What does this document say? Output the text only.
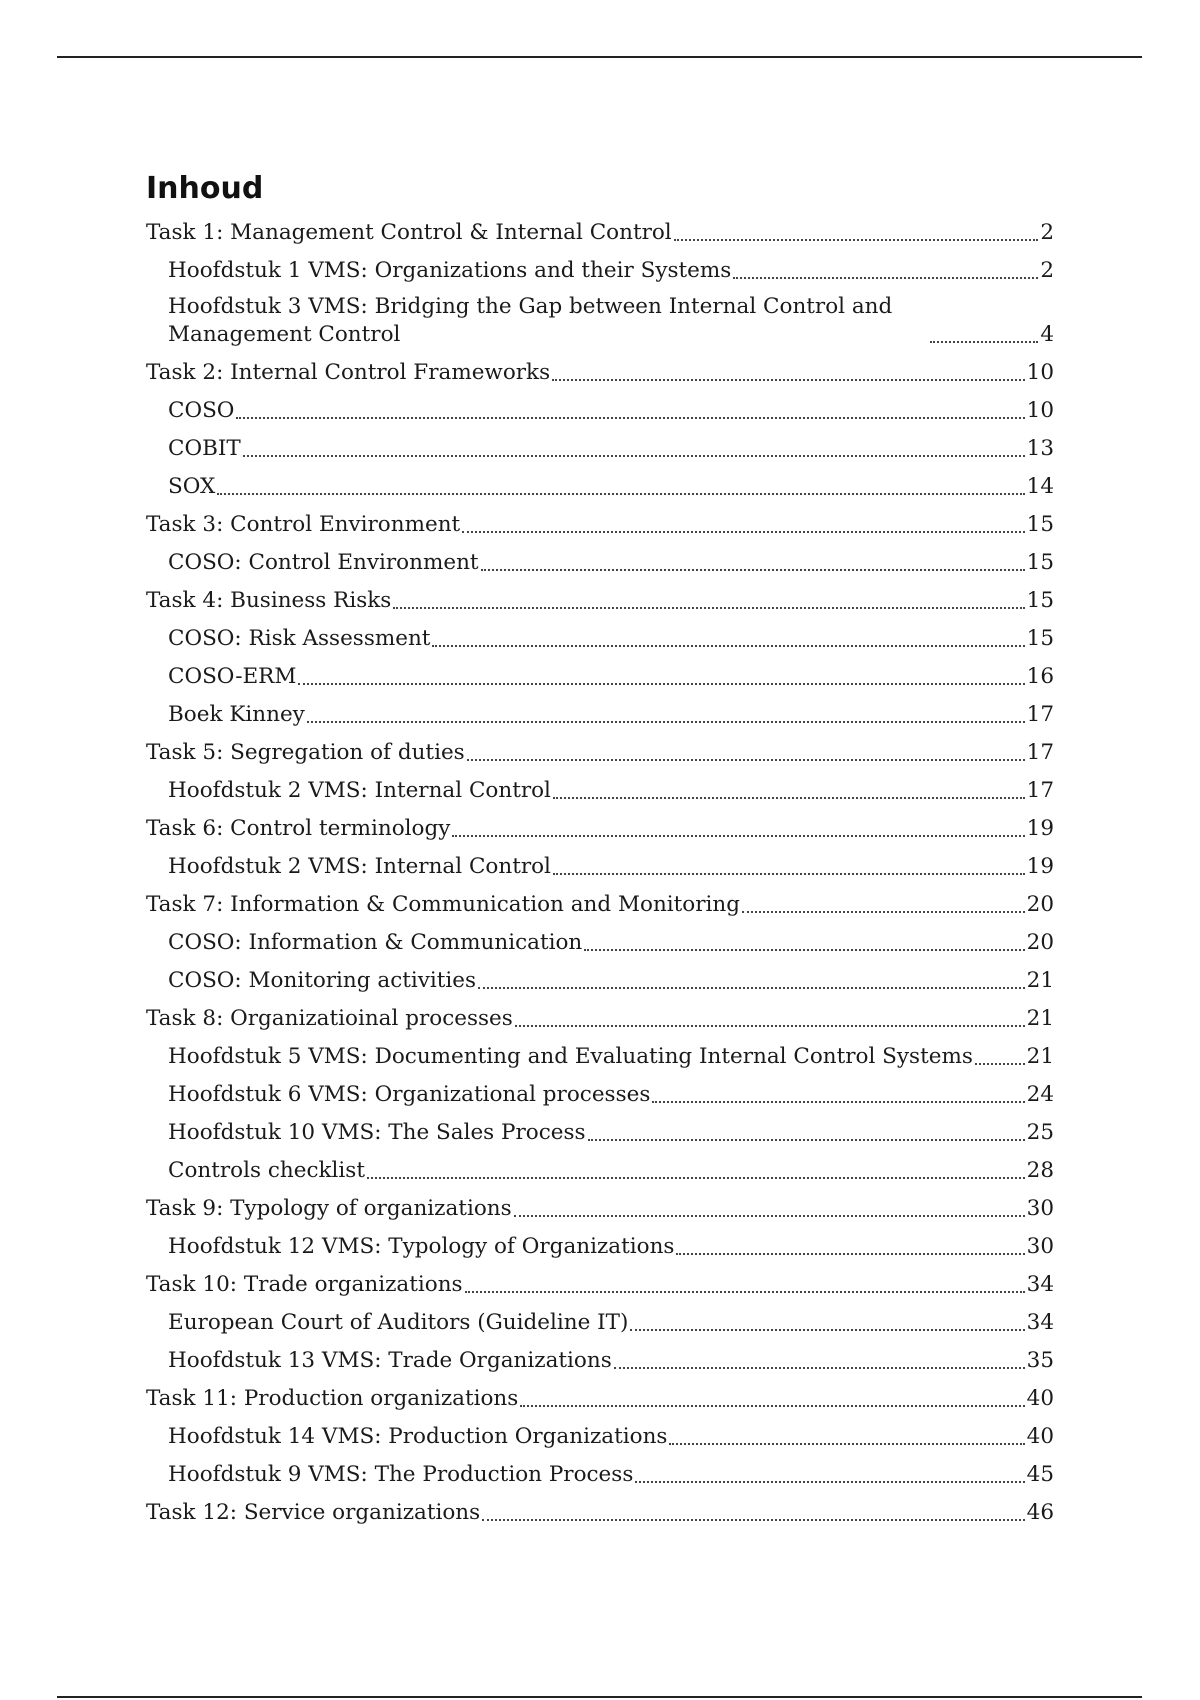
Inhoud
Task 1: Management Control & Internal Control	2
Hoofdstuk 1 VMS: Organizations and their Systems	2
Hoofdstuk 3 VMS: Bridging the Gap between Internal Control and Management Control	4
Task 2: Internal Control Frameworks	10
COSO	10
COBIT	13
SOX	14
Task 3: Control Environment	15
COSO: Control Environment	15
Task 4: Business Risks	15
COSO: Risk Assessment	15
COSO-ERM	16
Boek Kinney	17
Task 5: Segregation of duties	17
Hoofdstuk 2 VMS: Internal Control	17
Task 6: Control terminology	19
Hoofdstuk 2 VMS: Internal Control	19
Task 7: Information & Communication and Monitoring	20
COSO: Information & Communication	20
COSO: Monitoring activities	21
Task 8: Organizatioinal processes	21
Hoofdstuk 5 VMS: Documenting and Evaluating Internal Control Systems	21
Hoofdstuk 6 VMS: Organizational processes	24
Hoofdstuk 10 VMS: The Sales Process	25
Controls checklist	28
Task 9: Typology of organizations	30
Hoofdstuk 12 VMS: Typology of Organizations	30
Task 10: Trade organizations	34
European Court of Auditors (Guideline IT)	34
Hoofdstuk 13 VMS: Trade Organizations	35
Task 11: Production organizations	40
Hoofdstuk 14 VMS: Production Organizations	40
Hoofdstuk 9 VMS: The Production Process	45
Task 12: Service organizations	46
